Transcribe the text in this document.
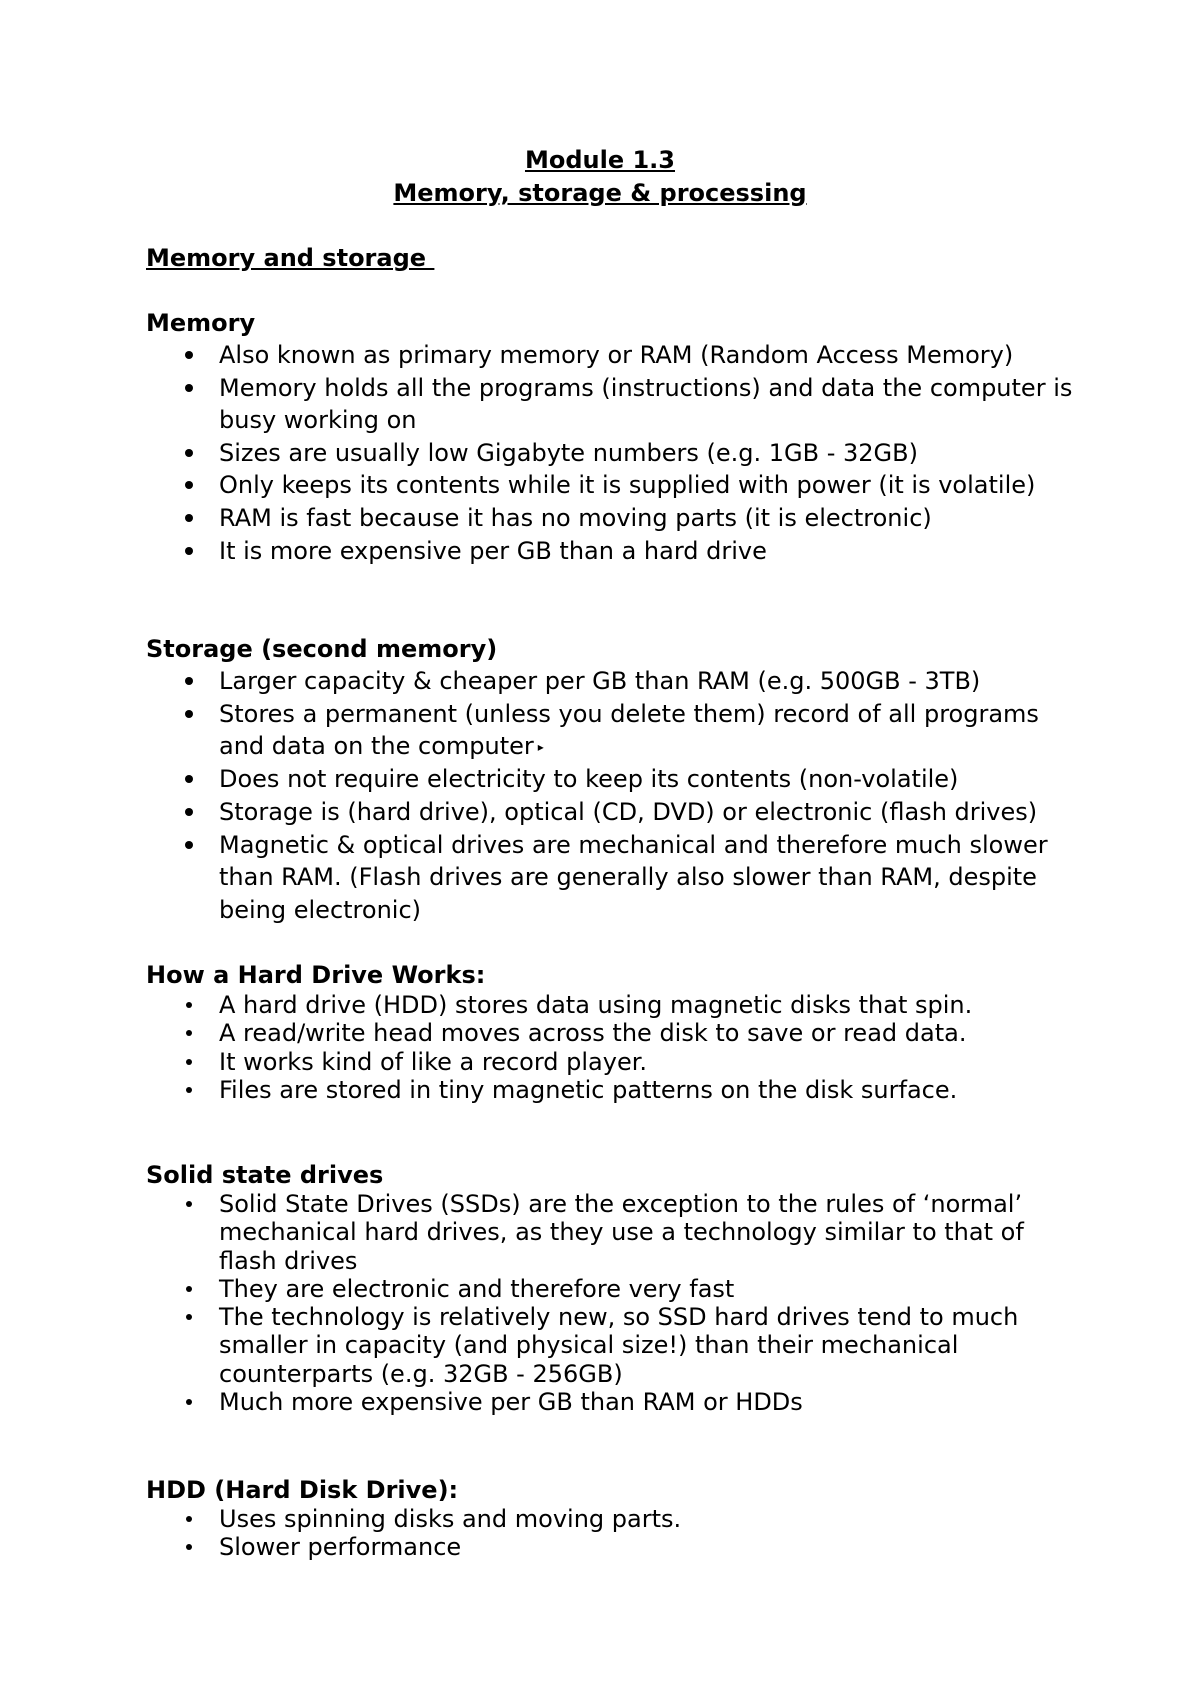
Module 1.3

Memory, storage & processing

Memory and storage

Memory

Also known as primary memory or RAM (Random Access Memory)
Memory holds all the programs (instructions) and data the computer is busy working on
Sizes are usually low Gigabyte numbers (e.g. 1GB - 32GB)
Only keeps its contents while it is supplied with power (it is volatile)
RAM is fast because it has no moving parts (it is electronic)
It is more expensive per GB than a hard drive

Storage (second memory)

Larger capacity & cheaper per GB than RAM (e.g. 500GB - 3TB)
Stores a permanent (unless you delete them) record of all programs and data on the computer ▸
Does not require electricity to keep its contents (non-volatile)
Storage is (hard drive), optical (CD, DVD) or electronic (flash drives)
Magnetic & optical drives are mechanical and therefore much slower than RAM. (Flash drives are generally also slower than RAM, despite being electronic)

How a Hard Drive Works:

A hard drive (HDD) stores data using magnetic disks that spin.
A read/write head moves across the disk to save or read data.
It works kind of like a record player.
Files are stored in tiny magnetic patterns on the disk surface.

Solid state drives

Solid State Drives (SSDs) are the exception to the rules of ‘normal’ mechanical hard drives, as they use a technology similar to that of flash drives
They are electronic and therefore very fast
The technology is relatively new, so SSD hard drives tend to much smaller in capacity (and physical size!) than their mechanical counterparts (e.g. 32GB - 256GB)
Much more expensive per GB than RAM or HDDs

HDD (Hard Disk Drive):

Uses spinning disks and moving parts.
Slower performance
